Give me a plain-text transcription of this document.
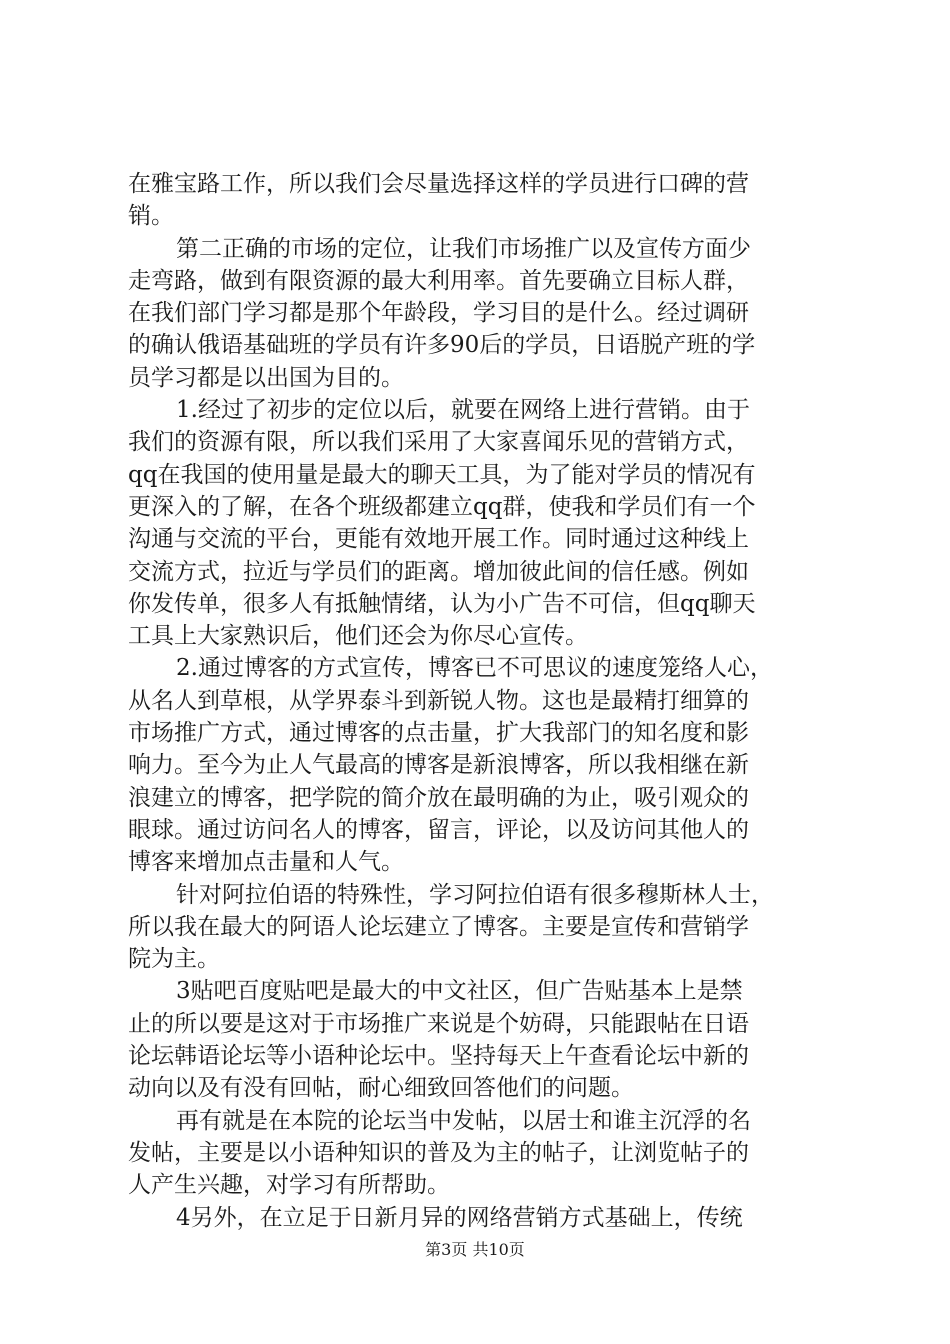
在雅宝路工作，所以我们会尽量选择这样的学员进行口碑的营
销。
第二正确的市场的定位，让我们市场推广以及宣传方面少
走弯路，做到有限资源的最大利用率。首先要确立目标人群，
在我们部门学习都是那个年龄段，学习目的是什么。经过调研
的确认俄语基础班的学员有许多90后的学员，日语脱产班的学
员学习都是以出国为目的。
1.经过了初步的定位以后，就要在网络上进行营销。由于
我们的资源有限，所以我们采用了大家喜闻乐见的营销方式，
qq在我国的使用量是最大的聊天工具，为了能对学员的情况有
更深入的了解，在各个班级都建立qq群，使我和学员们有一个
沟通与交流的平台，更能有效地开展工作。同时通过这种线上
交流方式，拉近与学员们的距离。增加彼此间的信任感。例如
你发传单，很多人有抵触情绪，认为小广告不可信，但qq聊天
工具上大家熟识后，他们还会为你尽心宣传。
2.通过博客的方式宣传，博客已不可思议的速度笼络人心，
从名人到草根，从学界泰斗到新锐人物。这也是最精打细算的
市场推广方式，通过博客的点击量，扩大我部门的知名度和影
响力。至今为止人气最高的博客是新浪博客，所以我相继在新
浪建立的博客，把学院的简介放在最明确的为止，吸引观众的
眼球。通过访问名人的博客，留言，评论，以及访问其他人的
博客来增加点击量和人气。
针对阿拉伯语的特殊性，学习阿拉伯语有很多穆斯林人士，
所以我在最大的阿语人论坛建立了博客。主要是宣传和营销学
院为主。
3贴吧百度贴吧是最大的中文社区，但广告贴基本上是禁
止的所以要是这对于市场推广来说是个妨碍，只能跟帖在日语
论坛韩语论坛等小语种论坛中。坚持每天上午查看论坛中新的
动向以及有没有回帖，耐心细致回答他们的问题。
再有就是在本院的论坛当中发帖，以居士和谁主沉浮的名
发帖，主要是以小语种知识的普及为主的帖子，让浏览帖子的
人产生兴趣，对学习有所帮助。
4另外，在立足于日新月异的网络营销方式基础上，传统
第3页 共10页
